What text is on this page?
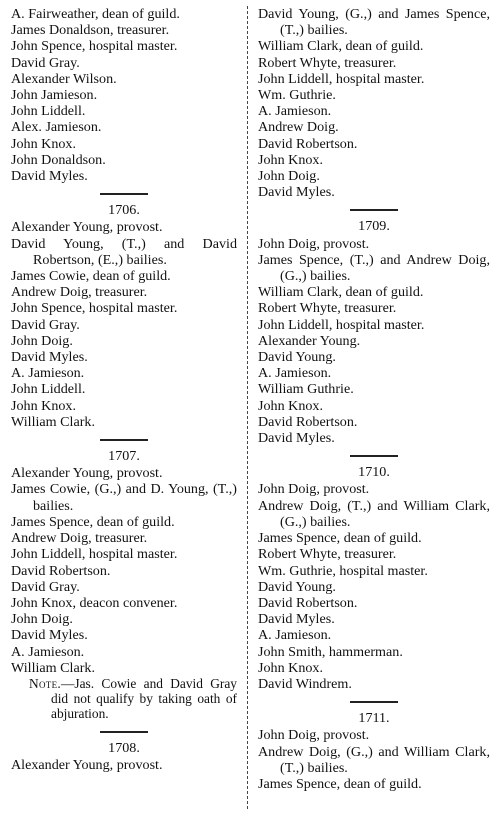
A. Fairweather, dean of guild.
James Donaldson, treasurer.
John Spence, hospital master.
David Gray.
Alexander Wilson.
John Jamieson.
John Liddell.
Alex. Jamieson.
John Knox.
John Donaldson.
David Myles.
1706.
Alexander Young, provost.
David Young, (T.,) and David Robertson, (E.,) bailies.
James Cowie, dean of guild.
Andrew Doig, treasurer.
John Spence, hospital master.
David Gray.
John Doig.
David Myles.
A. Jamieson.
John Liddell.
John Knox.
William Clark.
1707.
Alexander Young, provost.
James Cowie, (G.,) and D. Young, (T.,) bailies.
James Spence, dean of guild.
Andrew Doig, treasurer.
John Liddell, hospital master.
David Robertson.
David Gray.
John Knox, deacon convener.
John Doig.
David Myles.
A. Jamieson.
William Clark.
Note.—Jas. Cowie and David Gray did not qualify by taking oath of abjuration.
1708.
Alexander Young, provost.
David Young, (G.,) and James Spence, (T.,) bailies.
William Clark, dean of guild.
Robert Whyte, treasurer.
John Liddell, hospital master.
Wm. Guthrie.
A. Jamieson.
Andrew Doig.
David Robertson.
John Knox.
John Doig.
David Myles.
1709.
John Doig, provost.
James Spence, (T.,) and Andrew Doig, (G.,) bailies.
William Clark, dean of guild.
Robert Whyte, treasurer.
John Liddell, hospital master.
Alexander Young.
David Young.
A. Jamieson.
William Guthrie.
John Knox.
David Robertson.
David Myles.
1710.
John Doig, provost.
Andrew Doig, (T.,) and William Clark, (G.,) bailies.
James Spence, dean of guild.
Robert Whyte, treasurer.
Wm. Guthrie, hospital master.
David Young.
David Robertson.
David Myles.
A. Jamieson.
John Smith, hammerman.
John Knox.
David Windrem.
1711.
John Doig, provost.
Andrew Doig, (G.,) and William Clark, (T.,) bailies.
James Spence, dean of guild.
